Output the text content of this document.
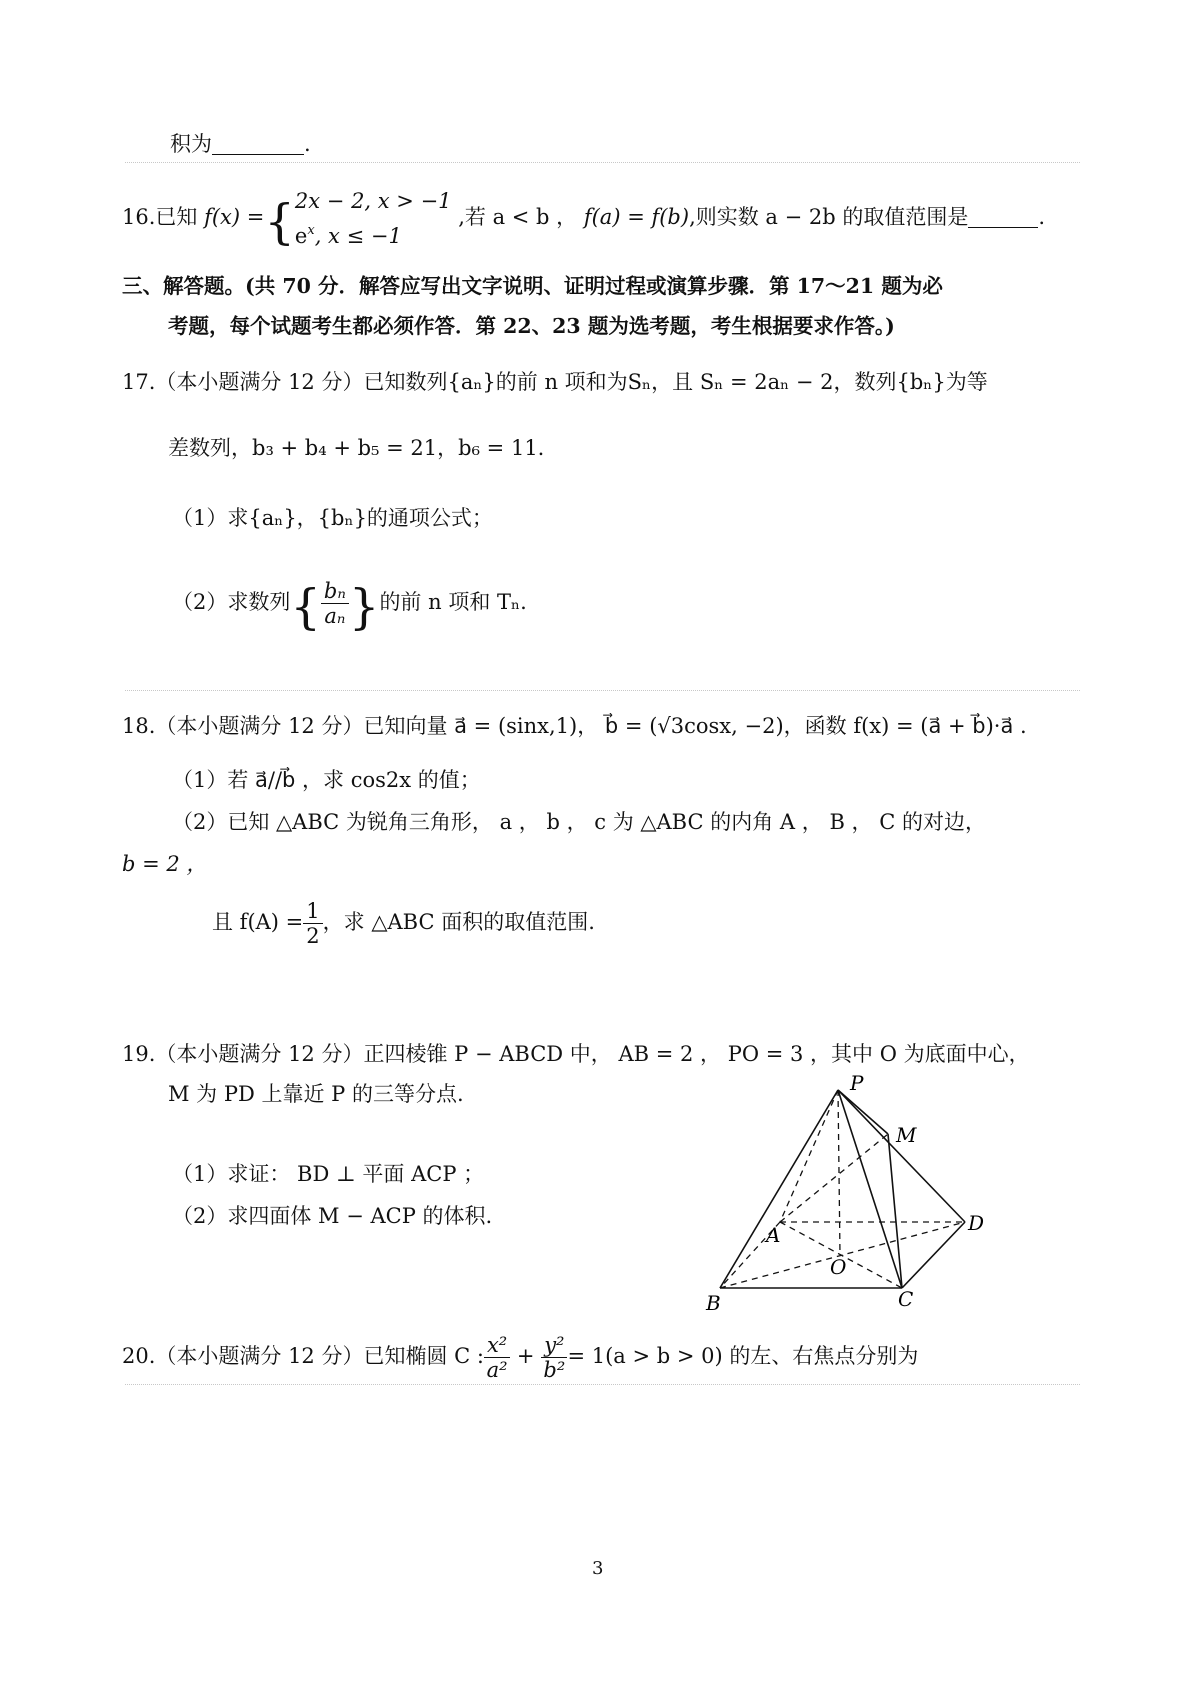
积为	.
16.已知 f(x) ={ 2x − 2, x > −1
$e^x$, x ≤ −1
,若 a < b ， f(a) = f(b),则实数 a − 2b 的取值范围是	.
三、解答题。(共 70 分．解答应写出文字说明、证明过程或演算步骤．第 17～21 题为必
考题，每个试题考生都必须作答．第 22、23 题为选考题，考生根据要求作答。)
17.（本小题满分 12 分）已知数列{aₙ}的前 n 项和为Sₙ，且 Sₙ = 2aₙ − 2，数列{bₙ}为等
差数列，b₃ + b₄ + b₅ = 21，b₆ = 11.
（1）求{aₙ}，{bₙ}的通项公式；
（2）求数列{ $\frac{\text{bₙ}}{\text{aₙ}}$ }的前 n 项和 Tₙ.
18.（本小题满分 12 分）已知向量 a⃗ = (sinx,1)， b⃗ = (√3cosx, −2)，函数 f(x) = (a⃗ + b⃗)·a⃗ .
（1）若 a⃗//b⃗ ，求 cos2x 的值；
（2）已知 △ABC 为锐角三角形， a ， b ， c 为 △ABC 的内角 A ， B ， C 的对边，
b = 2 ，
且 $f(A) = \frac{1}{2}$ ，求 △ABC 面积的取值范围.
19.（本小题满分 12 分）正四棱锥 P − ABCD 中， AB = 2 ， PO = 3 ，其中 O 为底面中心，
M 为 PD 上靠近 P 的三等分点.
（1）求证： BD ⊥ 平面 ACP ；
（2）求四面体 M − ACP 的体积.
P
M
A	D
O
B	C
20.（本小题满分 12 分）已知椭圆 C : $\frac{\text{x²}}{\text{a²}} + \frac{\text{y²}}{\text{b²}} = 1(a > b > 0)$ 的左、右焦点分别为
3
